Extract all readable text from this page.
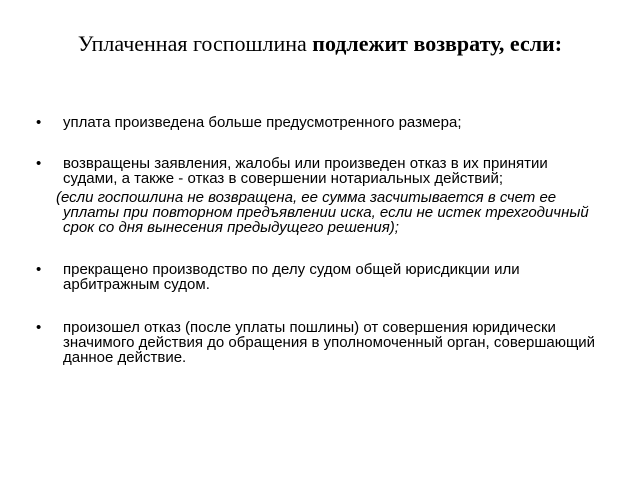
Уплаченная госпошлина подлежит возврату, если:
• уплата произведена больше предусмотренного размера;
• возвращены заявления, жалобы или произведен отказ в их принятии судами, а также - отказ в совершении нотариальных действий;
(если госпошлина не возвращена, ее сумма засчитывается в счет ее уплаты при повторном предъявлении иска, если не истек трехгодичный срок со дня вынесения предыдущего решения);
• прекращено производство по делу судом общей юрисдикции или арбитражным судом.
• произошел отказ (после уплаты пошлины) от совершения юридически значимого действия до обращения в уполномоченный орган, совершающий данное действие.
